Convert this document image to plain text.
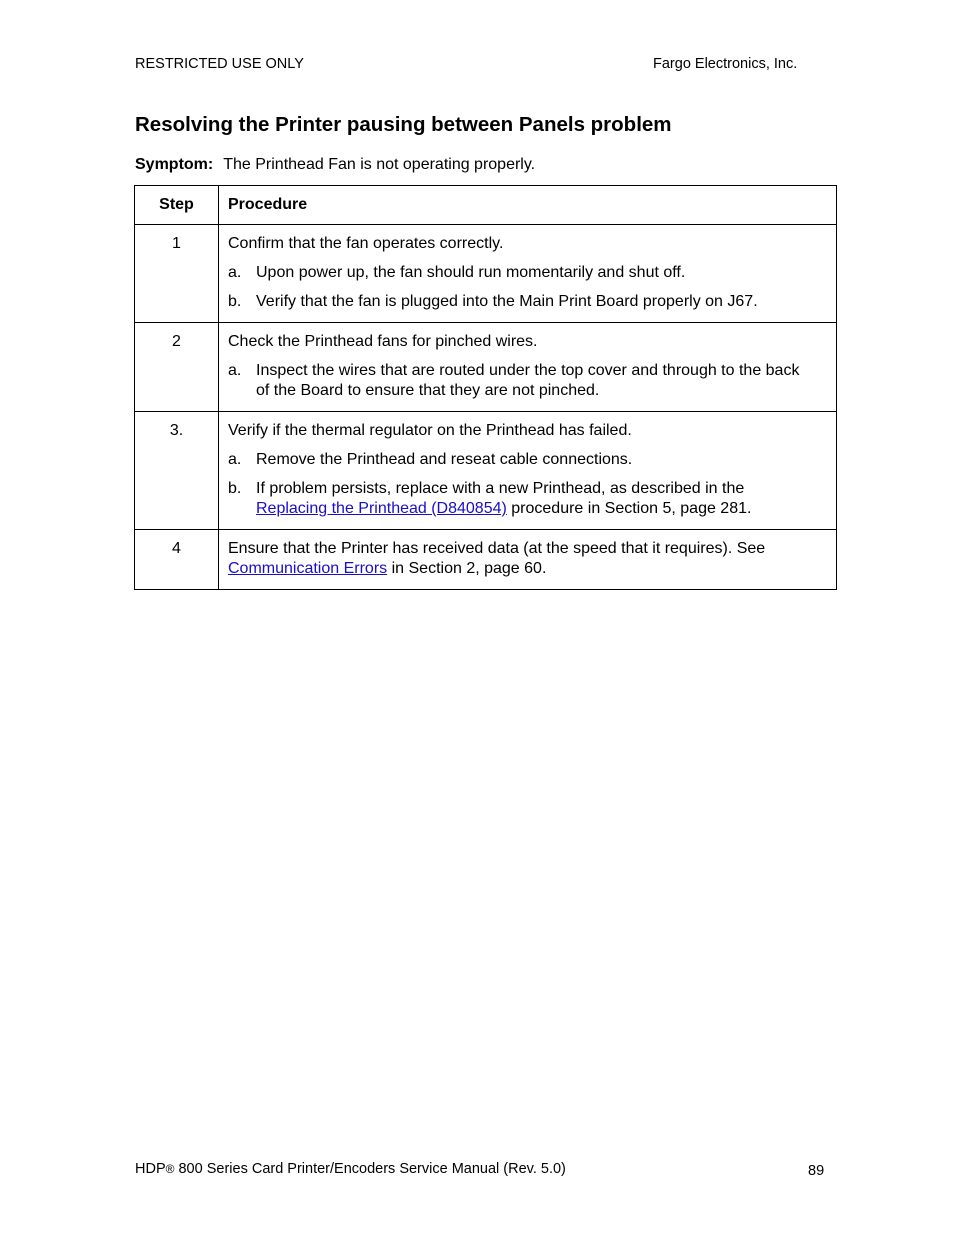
RESTRICTED USE ONLY	Fargo Electronics, Inc.
Resolving the Printer pausing between Panels problem
Symptom: The Printhead Fan is not operating properly.
Step	Procedure
1	Confirm that the fan operates correctly.
a. Upon power up, the fan should run momentarily and shut off.
b. Verify that the fan is plugged into the Main Print Board properly on J67.

2	Check the Printhead fans for pinched wires.
a. Inspect the wires that are routed under the top cover and through to the back of the Board to ensure that they are not pinched.

3.	Verify if the thermal regulator on the Printhead has failed.
a. Remove the Printhead and reseat cable connections.
b. If problem persists, replace with a new Printhead, as described in the Replacing the Printhead (D840854) procedure in Section 5, page 281.

4	Ensure that the Printer has received data (at the speed that it requires). See Communication Errors in Section 2, page 60.
HDP® 800 Series Card Printer/Encoders Service Manual (Rev. 5.0)	89
